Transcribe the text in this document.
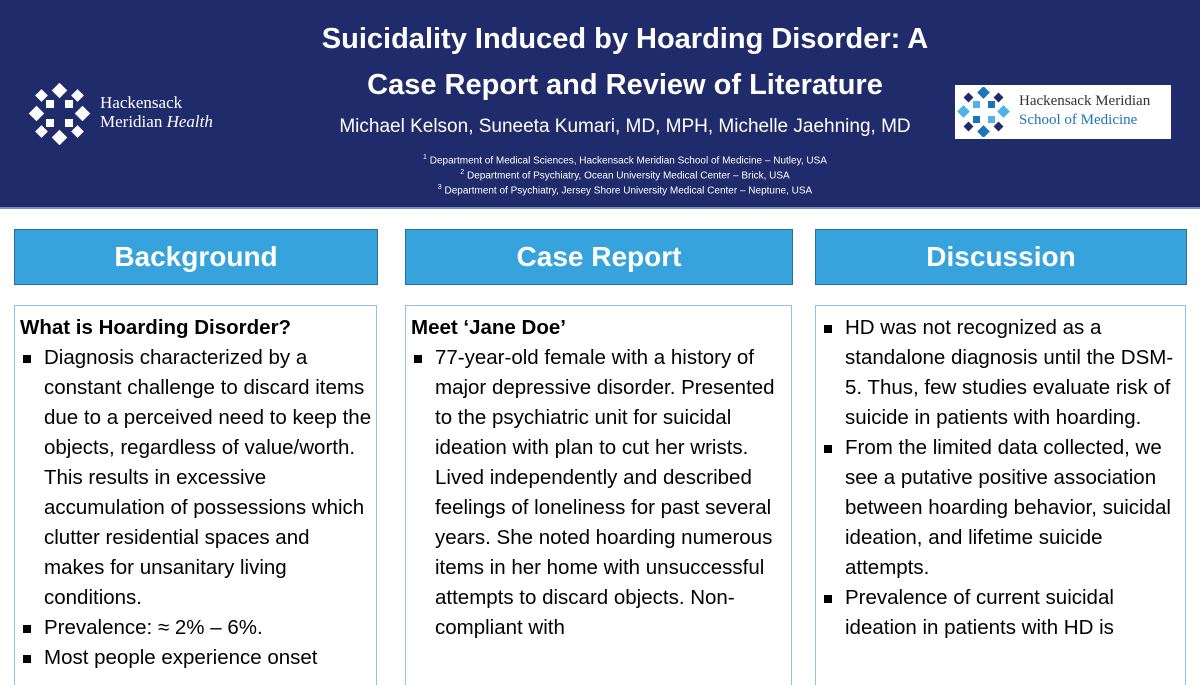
Hackensack
Meridian Health
Suicidality Induced by Hoarding Disorder: A
Case Report and Review of Literature
Michael Kelson, Suneeta Kumari, MD, MPH, Michelle Jaehning, MD
$^1$ Department of Medical Sciences, Hackensack Meridian School of Medicine – Nutley, USA
$^2$ Department of Psychiatry, Ocean University Medical Center – Brick, USA
$^3$ Department of Psychiatry, Jersey Shore University Medical Center – Neptune, USA
Hackensack Meridian
School of Medicine
Background
What is Hoarding Disorder?
Diagnosis characterized by a constant challenge to discard items due to a perceived need to keep the objects, regardless of value/worth. This results in excessive accumulation of possessions which clutter residential spaces and makes for unsanitary living conditions.
Prevalence: ≈ 2% – 6%.
Most people experience onset
Case Report
Meet ‘Jane Doe’
77-year-old female with a history of major depressive disorder. Presented to the psychiatric unit for suicidal ideation with plan to cut her wrists. Lived independently and described feelings of loneliness for past several years. She noted hoarding numerous items in her home with unsuccessful attempts to discard objects. Non-compliant with
Discussion
HD was not recognized as a standalone diagnosis until the DSM-5. Thus, few studies evaluate risk of suicide in patients with hoarding.
From the limited data collected, we see a putative positive association between hoarding behavior, suicidal ideation, and lifetime suicide attempts.
Prevalence of current suicidal ideation in patients with HD is
